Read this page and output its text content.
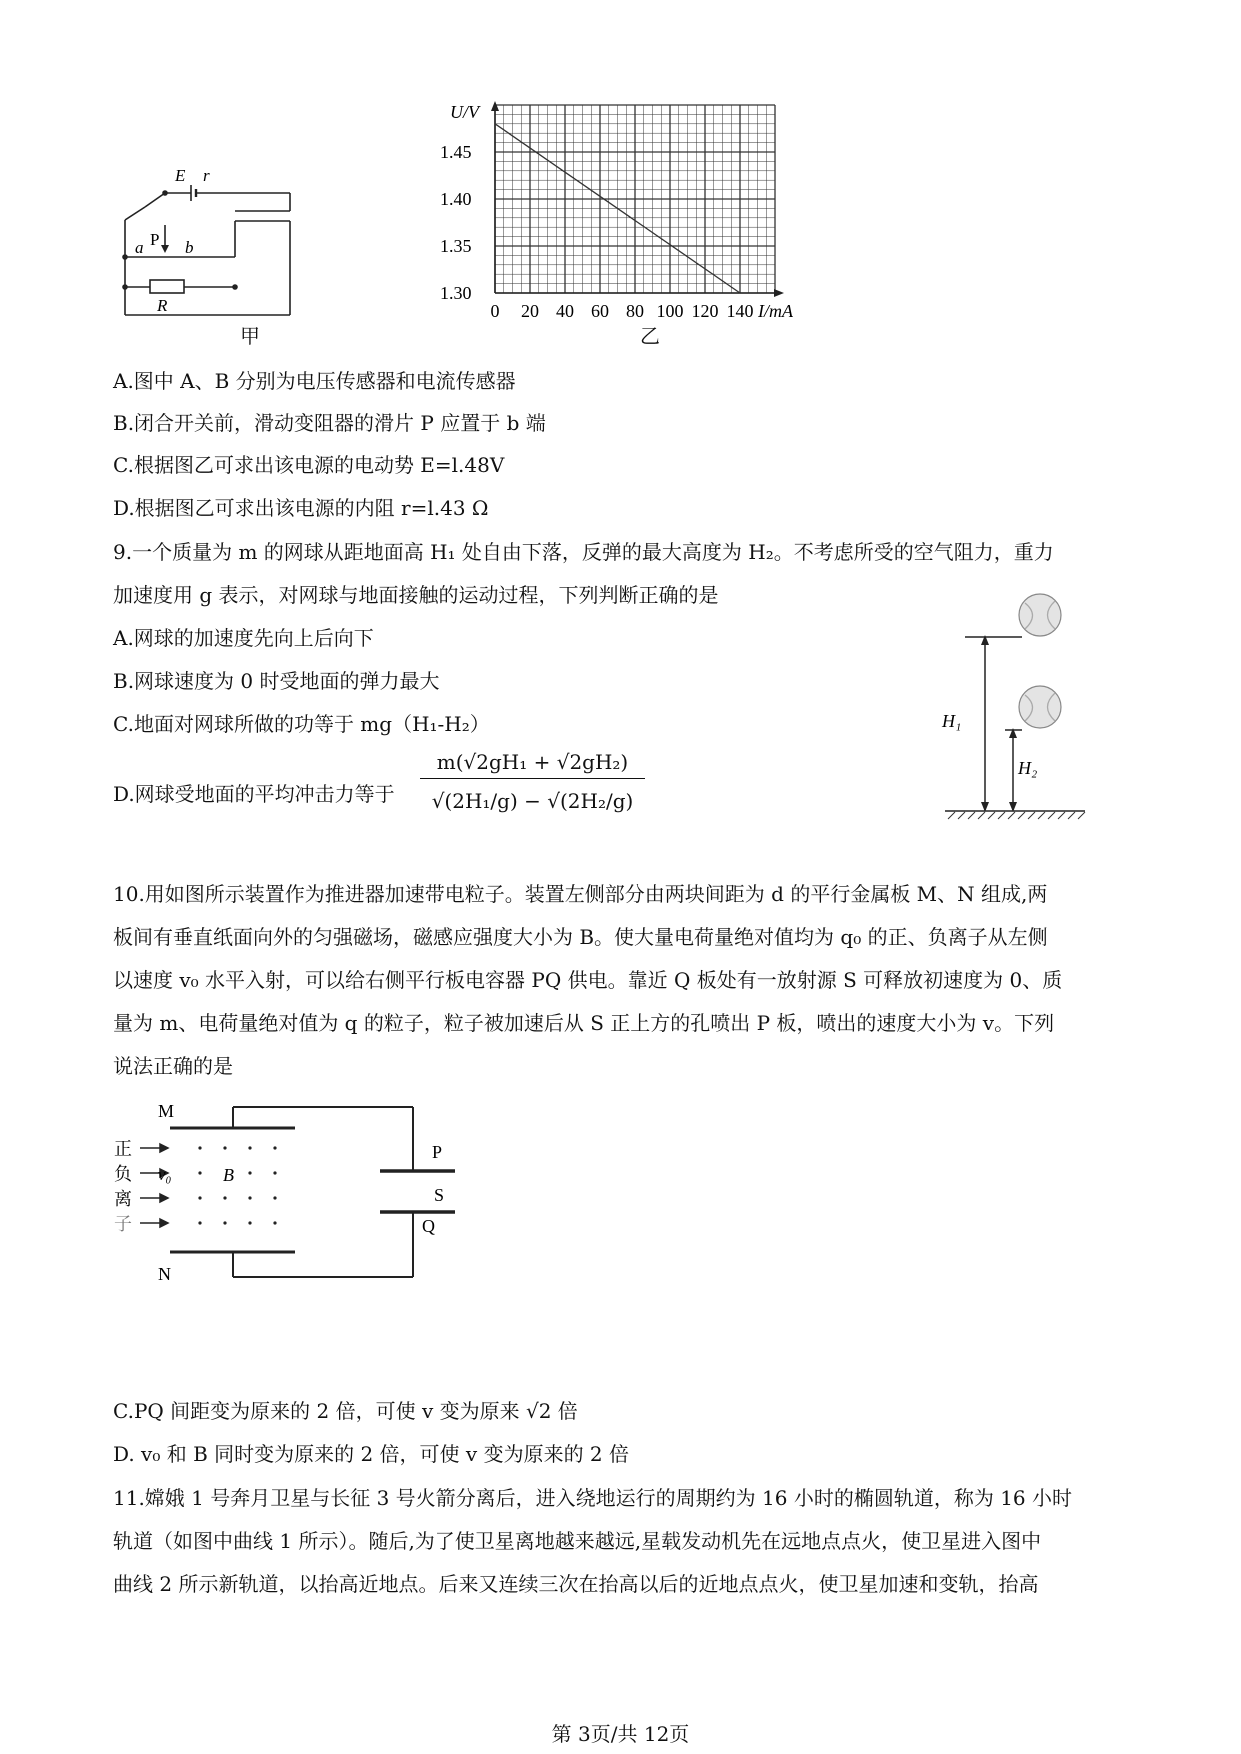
E r
P
a b
R
甲
1.45
1.40
1.35
1.30
0 20 40 60 80 100 120 140
U/V
I/mA
乙
A.图中 A、B 分别为电压传感器和电流传感器
B.闭合开关前，滑动变阻器的滑片 P 应置于 b 端
C.根据图乙可求出该电源的电动势 E=l.48V
D.根据图乙可求出该电源的内阻 r=l.43 Ω
9.一个质量为 m 的网球从距地面高 H₁ 处自由下落，反弹的最大高度为 H₂。不考虑所受的空气阻力，重力
加速度用 g 表示，对网球与地面接触的运动过程，下列判断正确的是
A.网球的加速度先向上后向下
B.网球速度为 0 时受地面的弹力最大
C.地面对网球所做的功等于 mg（H₁-H₂）
D.网球受地面的平均冲击力等于 $\frac{\text{m(√2gH₁ + √2gH₂)}}{\text{√(2H₁/g) − √(2H₂/g)}}$
H₁
H₂
10.用如图所示装置作为推进器加速带电粒子。装置左侧部分由两块间距为 d 的平行金属板 M、N 组成,两
板间有垂直纸面向外的匀强磁场，磁感应强度大小为 B。使大量电荷量绝对值均为 q₀ 的正、负离子从左侧
以速度 v₀ 水平入射，可以给右侧平行板电容器 PQ 供电。靠近 Q 板处有一放射源 S 可释放初速度为 0、质
量为 m、电荷量绝对值为 q 的粒子，粒子被加速后从 S 正上方的孔喷出 P 板，喷出的速度大小为 v。下列
说法正确的是
正
负
离
子
M
N
v₀	B
P
S
Q
C.PQ 间距变为原来的 2 倍，可使 v 变为原来 √2 倍
D. v₀ 和 B 同时变为原来的 2 倍，可使 v 变为原来的 2 倍
11.嫦娥 1 号奔月卫星与长征 3 号火箭分离后，进入绕地运行的周期约为 16 小时的椭圆轨道，称为 16 小时
轨道（如图中曲线 1 所示）。随后,为了使卫星离地越来越远,星载发动机先在远地点点火，使卫星进入图中
曲线 2 所示新轨道，以抬高近地点。后来又连续三次在抬高以后的近地点点火，使卫星加速和变轨，抬高
第 3页/共 12页
